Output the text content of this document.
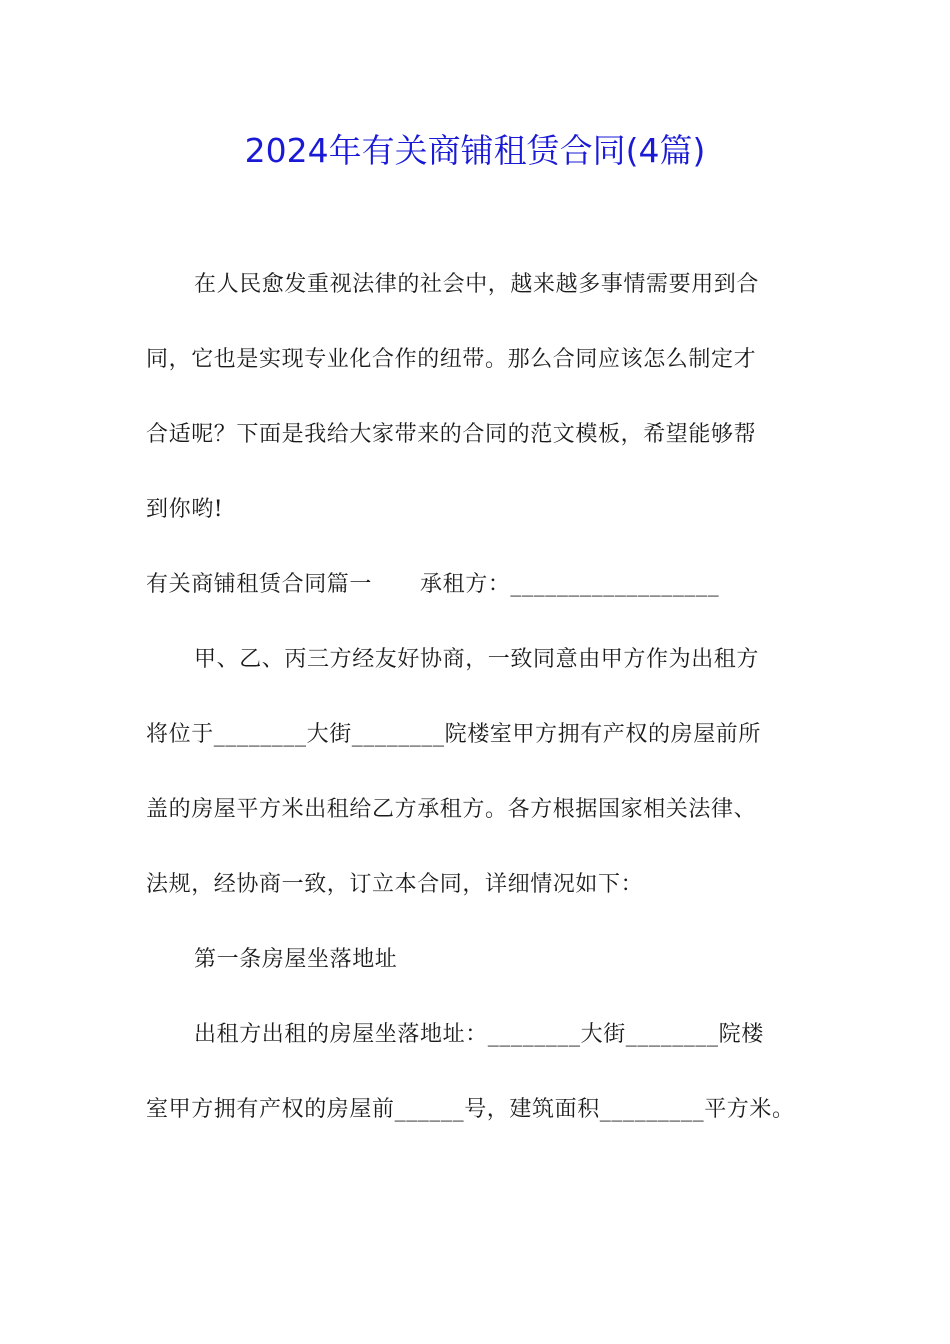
2024年有关商铺租赁合同(4篇)
在人民愈发重视法律的社会中，越来越多事情需要用到合
同，它也是实现专业化合作的纽带。那么合同应该怎么制定才
合适呢？下面是我给大家带来的合同的范文模板，希望能够帮
到你哟!
有关商铺租赁合同篇一 承租方：__________________
甲、乙、丙三方经友好协商，一致同意由甲方作为出租方
将位于________大街________院楼室甲方拥有产权的房屋前所
盖的房屋平方米出租给乙方承租方。各方根据国家相关法律、
法规，经协商一致，订立本合同，详细情况如下：
第一条房屋坐落地址
出租方出租的房屋坐落地址：________大街________院楼
室甲方拥有产权的房屋前______号，建筑面积_________平方米。
